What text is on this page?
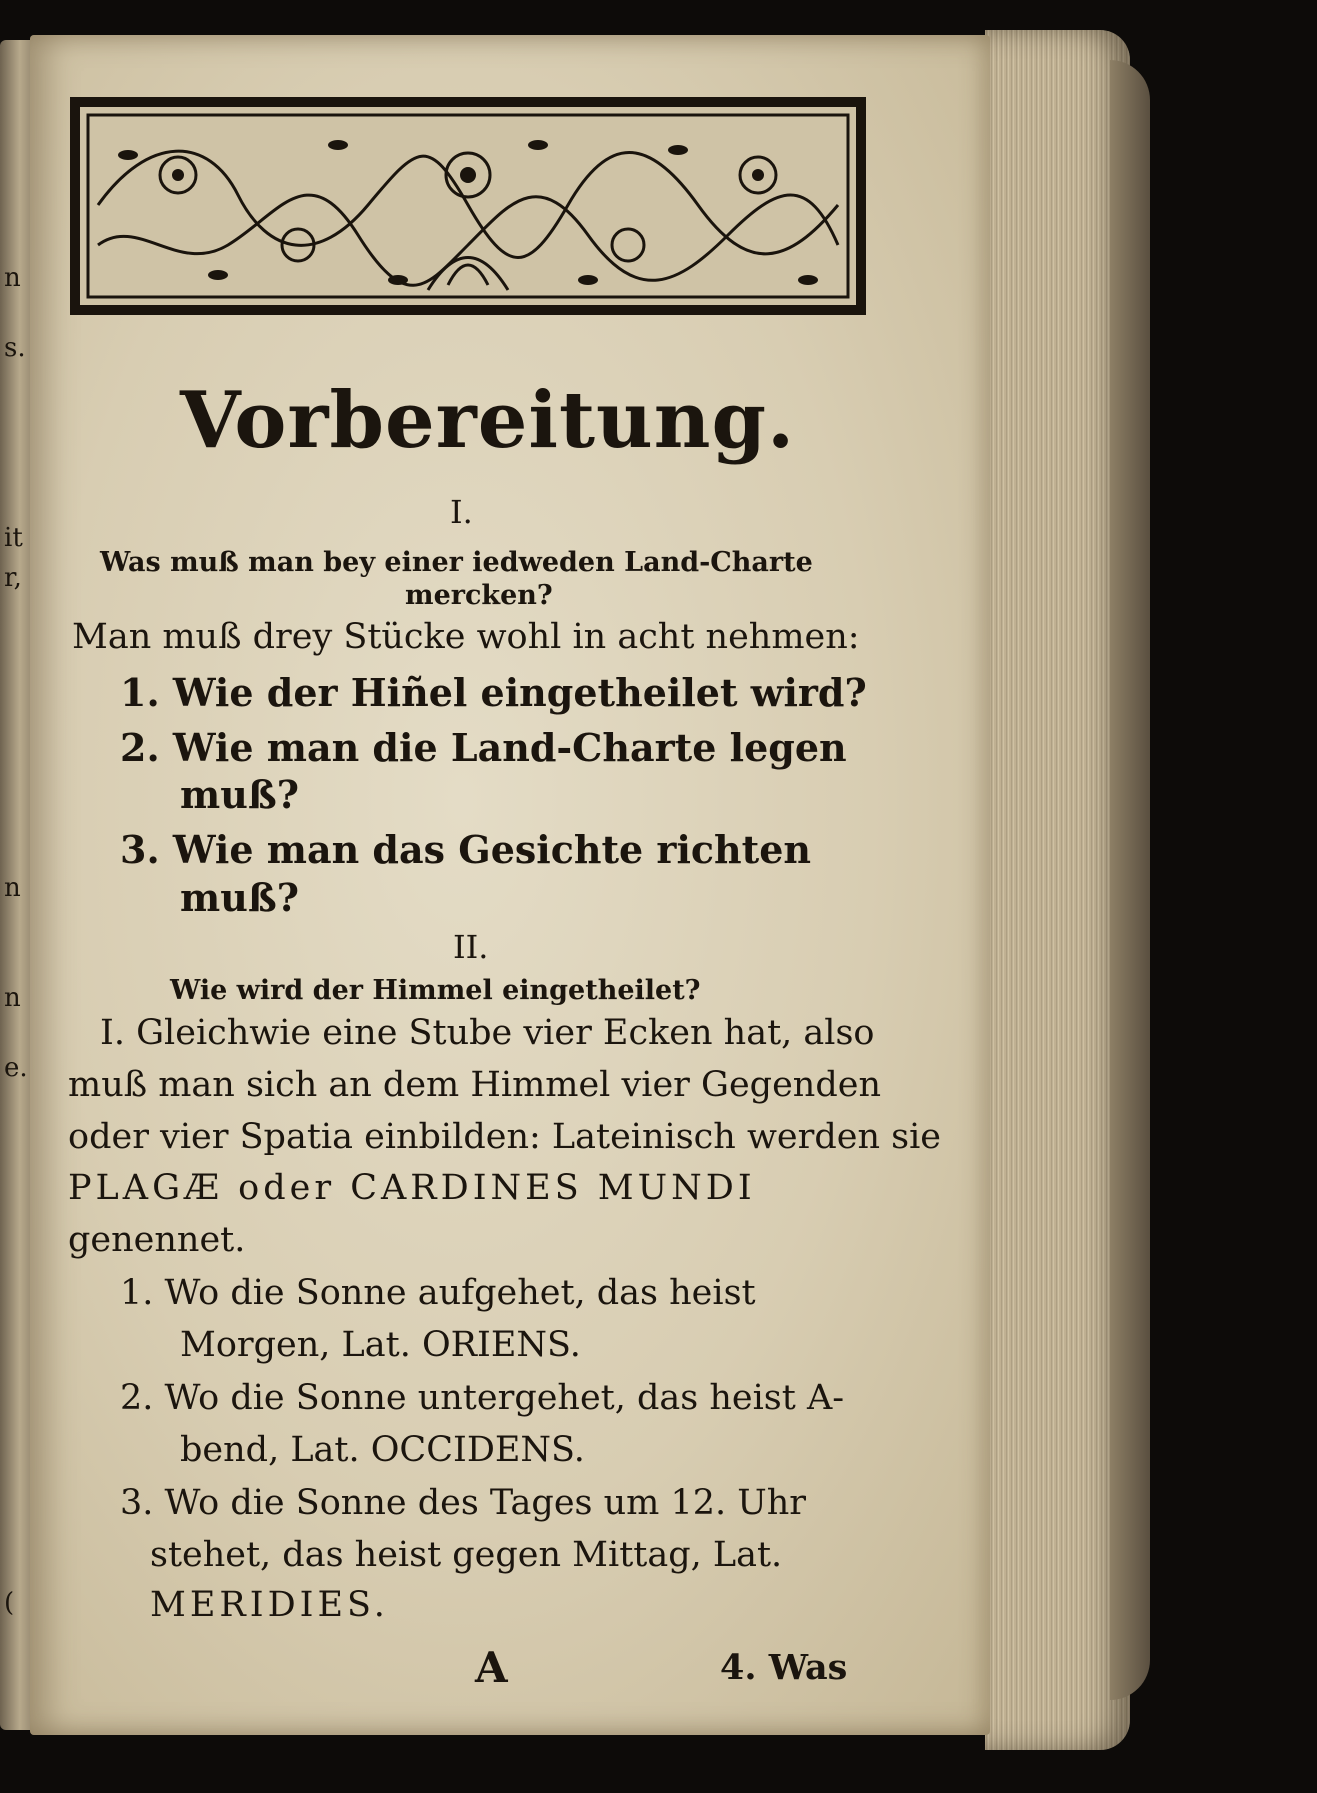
n
s.
it
r,
n
n
e.
(
Vorbereitung.
I.
Was muß man bey einer iedweden Land-Charte
mercken?
Man muß drey Stücke wohl in acht nehmen:
1. Wie der Hiñel eingetheilet wird?
2. Wie man die Land-Charte legen
muß?
3. Wie man das Gesichte richten
muß?
II.
Wie wird der Himmel eingetheilet?
I. Gleichwie eine Stube vier Ecken hat, also
muß man sich an dem Himmel vier Gegenden
oder vier Spatia einbilden: Lateinisch werden sie
PLAGÆ oder CARDINES MUNDI
genennet.
1. Wo die Sonne aufgehet, das heist
Morgen, Lat. ORIENS.
2. Wo die Sonne untergehet, das heist A-
bend, Lat. OCCIDENS.
3. Wo die Sonne des Tages um 12. Uhr
stehet, das heist gegen Mittag, Lat.
MERIDIES.
A	4. Was
